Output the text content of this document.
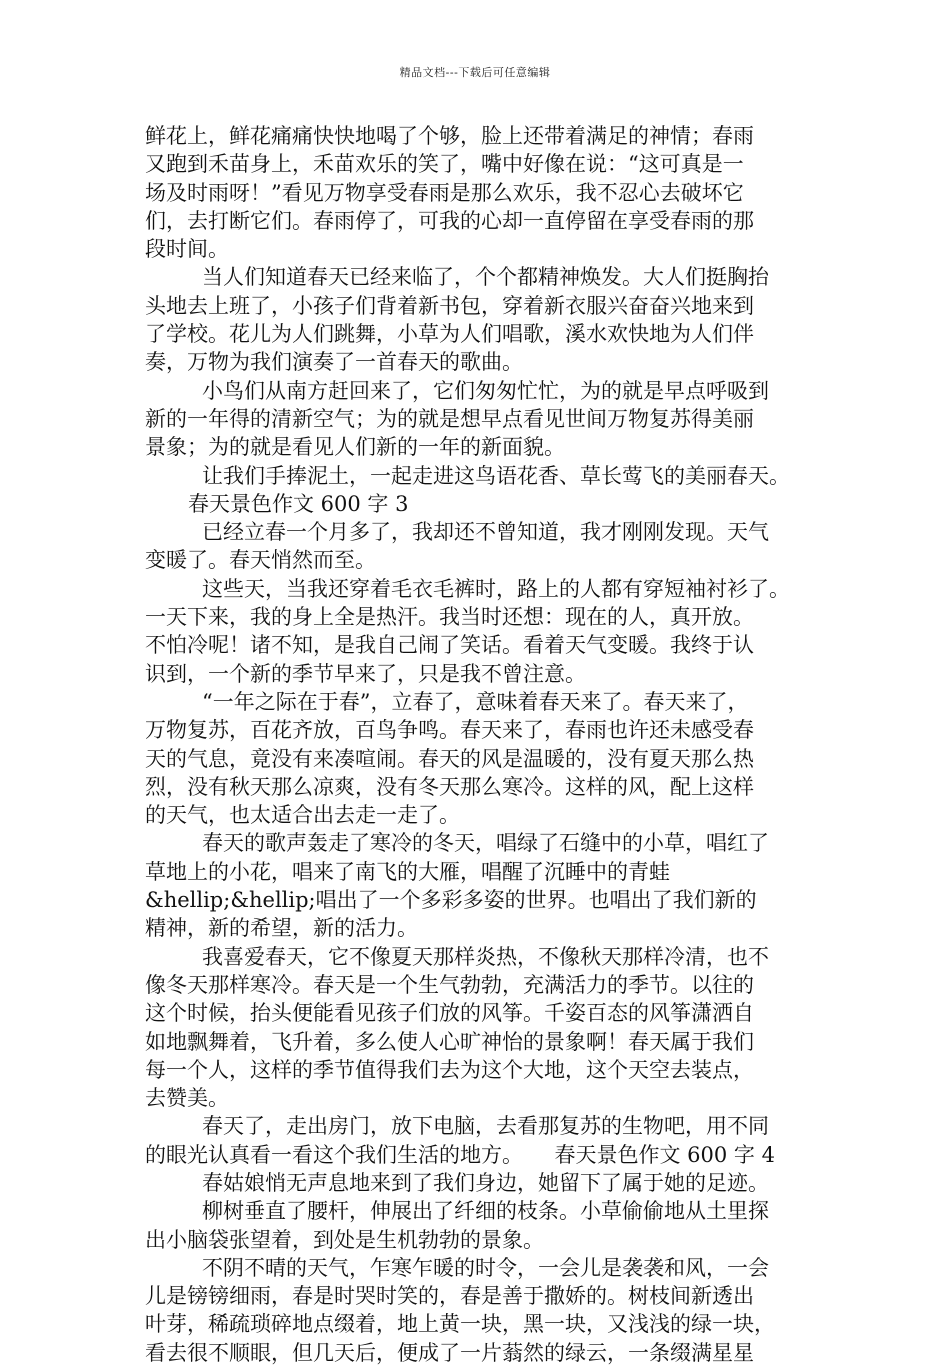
精品文档---下载后可任意编辑
鲜花上，鲜花痛痛快快地喝了个够，脸上还带着满足的神情；春雨
又跑到禾苗身上，禾苗欢乐的笑了，嘴中好像在说：“这可真是一
场及时雨呀！”看见万物享受春雨是那么欢乐，我不忍心去破坏它
们，去打断它们。春雨停了，可我的心却一直停留在享受春雨的那
段时间。
当人们知道春天已经来临了，个个都精神焕发。大人们挺胸抬
头地去上班了，小孩子们背着新书包，穿着新衣服兴奋奋兴地来到
了学校。花儿为人们跳舞，小草为人们唱歌，溪水欢快地为人们伴
奏，万物为我们演奏了一首春天的歌曲。
小鸟们从南方赶回来了，它们匆匆忙忙，为的就是早点呼吸到
新的一年得的清新空气；为的就是想早点看见世间万物复苏得美丽
景象；为的就是看见人们新的一年的新面貌。
让我们手捧泥土，一起走进这鸟语花香、草长莺飞的美丽春天。
春天景色作文 600 字 3
已经立春一个月多了，我却还不曾知道，我才刚刚发现。天气
变暖了。春天悄然而至。
这些天，当我还穿着毛衣毛裤时，路上的人都有穿短袖衬衫了。
一天下来，我的身上全是热汗。我当时还想：现在的人，真开放。
不怕冷呢！诸不知，是我自己闹了笑话。看着天气变暖。我终于认
识到，一个新的季节早来了，只是我不曾注意。
“一年之际在于春”，立春了，意味着春天来了。春天来了，
万物复苏，百花齐放，百鸟争鸣。春天来了，春雨也许还未感受春
天的气息，竟没有来凑喧闹。春天的风是温暖的，没有夏天那么热
烈，没有秋天那么凉爽，没有冬天那么寒冷。这样的风，配上这样
的天气，也太适合出去走一走了。
春天的歌声轰走了寒冷的冬天，唱绿了石缝中的小草，唱红了
草地上的小花，唱来了南飞的大雁，唱醒了沉睡中的青蛙
&hellip;&hellip;唱出了一个多彩多姿的世界。也唱出了我们新的
精神，新的希望，新的活力。
我喜爱春天，它不像夏天那样炎热，不像秋天那样冷清，也不
像冬天那样寒冷。春天是一个生气勃勃，充满活力的季节。以往的
这个时候，抬头便能看见孩子们放的风筝。千姿百态的风筝潇洒自
如地飘舞着，飞升着，多么使人心旷神怡的景象啊！春天属于我们
每一个人，这样的季节值得我们去为这个大地，这个天空去装点，
去赞美。
春天了，走出房门，放下电脑，去看那复苏的生物吧，用不同
的眼光认真看一看这个我们生活的地方。　　春天景色作文 600 字 4
春姑娘悄无声息地来到了我们身边，她留下了属于她的足迹。
柳树垂直了腰杆，伸展出了纤细的枝条。小草偷偷地从土里探
出小脑袋张望着，到处是生机勃勃的景象。
不阴不晴的天气，乍寒乍暖的时令，一会儿是袭袭和风，一会
儿是镑镑细雨，春是时哭时笑的，春是善于撒娇的。树枝间新透出
叶芽，稀疏琐碎地点缀着，地上黄一块，黑一块，又浅浅的绿一块，
看去很不顺眼，但几天后，便成了一片蓊然的绿云，一条缀满星星
